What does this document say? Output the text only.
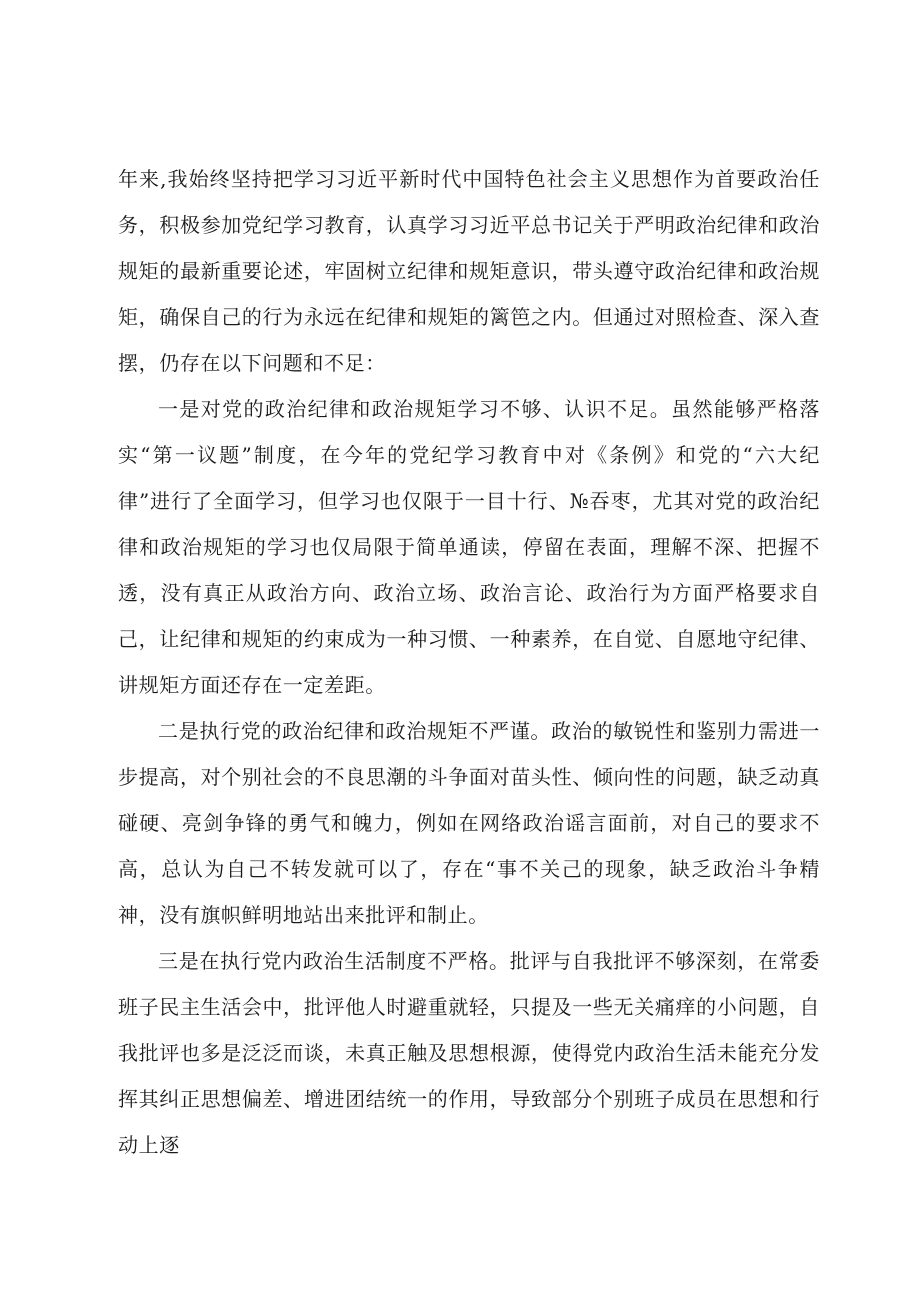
年来,我始终坚持把学习习近平新时代中国特色社会主义思想作为首要政治任务，积极参加党纪学习教育，认真学习习近平总书记关于严明政治纪律和政治规矩的最新重要论述，牢固树立纪律和规矩意识，带头遵守政治纪律和政治规矩，确保自己的行为永远在纪律和规矩的篱笆之内。但通过对照检查、深入查摆，仍存在以下问题和不足：

一是对党的政治纪律和政治规矩学习不够、认识不足。虽然能够严格落实“第一议题”制度，在今年的党纪学习教育中对《条例》和党的“六大纪律”进行了全面学习，但学习也仅限于一目十行、№吞枣，尤其对党的政治纪律和政治规矩的学习也仅局限于简单通读，停留在表面，理解不深、把握不透，没有真正从政治方向、政治立场、政治言论、政治行为方面严格要求自己，让纪律和规矩的约束成为一种习惯、一种素养，在自觉、自愿地守纪律、讲规矩方面还存在一定差距。

二是执行党的政治纪律和政治规矩不严谨。政治的敏锐性和鉴别力需进一步提高，对个别社会的不良思潮的斗争面对苗头性、倾向性的问题，缺乏动真碰硬、亮剑争锋的勇气和魄力，例如在网络政治谣言面前，对自己的要求不高，总认为自己不转发就可以了，存在“事不关己的现象，缺乏政治斗争精神，没有旗帜鲜明地站出来批评和制止。

三是在执行党内政治生活制度不严格。批评与自我批评不够深刻，在常委班子民主生活会中，批评他人时避重就轻，只提及一些无关痛痒的小问题，自我批评也多是泛泛而谈，未真正触及思想根源，使得党内政治生活未能充分发挥其纠正思想偏差、增进团结统一的作用，导致部分个别班子成员在思想和行动上逐
